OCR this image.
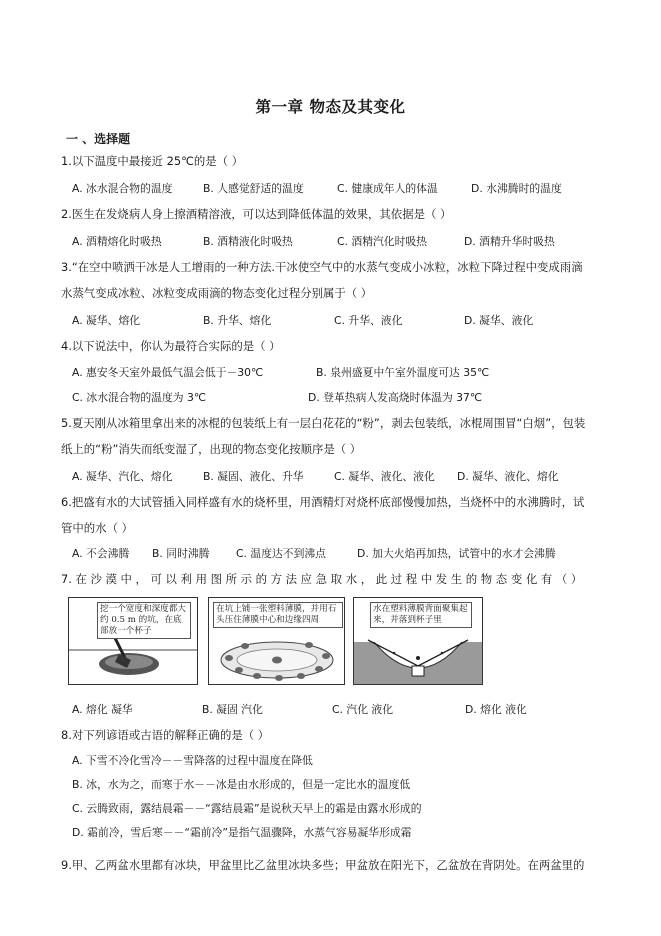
第一章 物态及其变化
一 、选择题
1.以下温度中最接近 25℃的是（ ）
A. 冰水混合物的温度	B. 人感觉舒适的温度	C. 健康成年人的体温	D. 水沸腾时的温度
2.医生在发烧病人身上擦酒精溶液，可以达到降低体温的效果，其依据是（ ）
A. 酒精熔化时吸热	B. 酒精液化时吸热	C. 酒精汽化时吸热	D. 酒精升华时吸热
3.“在空中喷洒干冰是人工增雨的一种方法.干冰使空气中的水蒸气变成小冰粒，冰粒下降过程中变成雨滴
水蒸气变成冰粒、冰粒变成雨滴的物态变化过程分别属于（ ）
A. 凝华、熔化	B. 升华、熔化	C. 升华、液化	D. 凝华、液化
4.以下说法中，你认为最符合实际的是（ ）
A. 惠安冬天室外最低气温会低于－30℃	B. 泉州盛夏中午室外温度可达 35℃
C. 冰水混合物的温度为 3℃	D. 登革热病人发高烧时体温为 37℃
5.夏天刚从冰箱里拿出来的冰棍的包装纸上有一层白花花的“粉”，剥去包装纸，冰棍周围冒“白烟”，包装
纸上的“粉”消失而纸变湿了，出现的物态变化按顺序是（ ）
A. 凝华、汽化、熔化	B. 凝固、液化、升华	C. 凝华、液化、液化 D. 凝华、液化、熔化
6.把盛有水的大试管插入同样盛有水的烧杯里，用酒精灯对烧杯底部慢慢加热，当烧杯中的水沸腾时，试
管中的水（ ）
A. 不会沸腾 B. 同时沸腾 C. 温度达不到沸点	D. 加大火焰再加热，试管中的水才会沸腾
7. 在 沙 漠 中 ， 可 以 利 用 图 所 示 的 方 法 应 急 取 水 ， 此 过 程 中 发 生 的 物 态 变 化 有 （ ）
挖一个宽度和深度都大约 0.5 m 的坑，在底部放一个杯子
在坑上铺一张塑料薄膜，并用石头压住薄膜中心和边缘四周
水在塑料薄膜背面聚集起来，并落到杯子里
A. 熔化 凝华	B. 凝固 汽化	C. 汽化 液化	D. 熔化 液化
8.对下列谚语或古语的解释正确的是（ ）
A. 下雪不冷化雪冷－－雪降落的过程中温度在降低
B. 冰，水为之，而寒于水－－冰是由水形成的，但是一定比水的温度低
C. 云腾致雨，露结晨霜－－“露结晨霜”是说秋天早上的霜是由露水形成的
D. 霜前冷，雪后寒－－“霜前冷”是指气温骤降，水蒸气容易凝华形成霜
9.甲、乙两盆水里都有冰块，甲盆里比乙盆里冰块多些；甲盆放在阳光下，乙盆放在背阴处。在两盆里的
